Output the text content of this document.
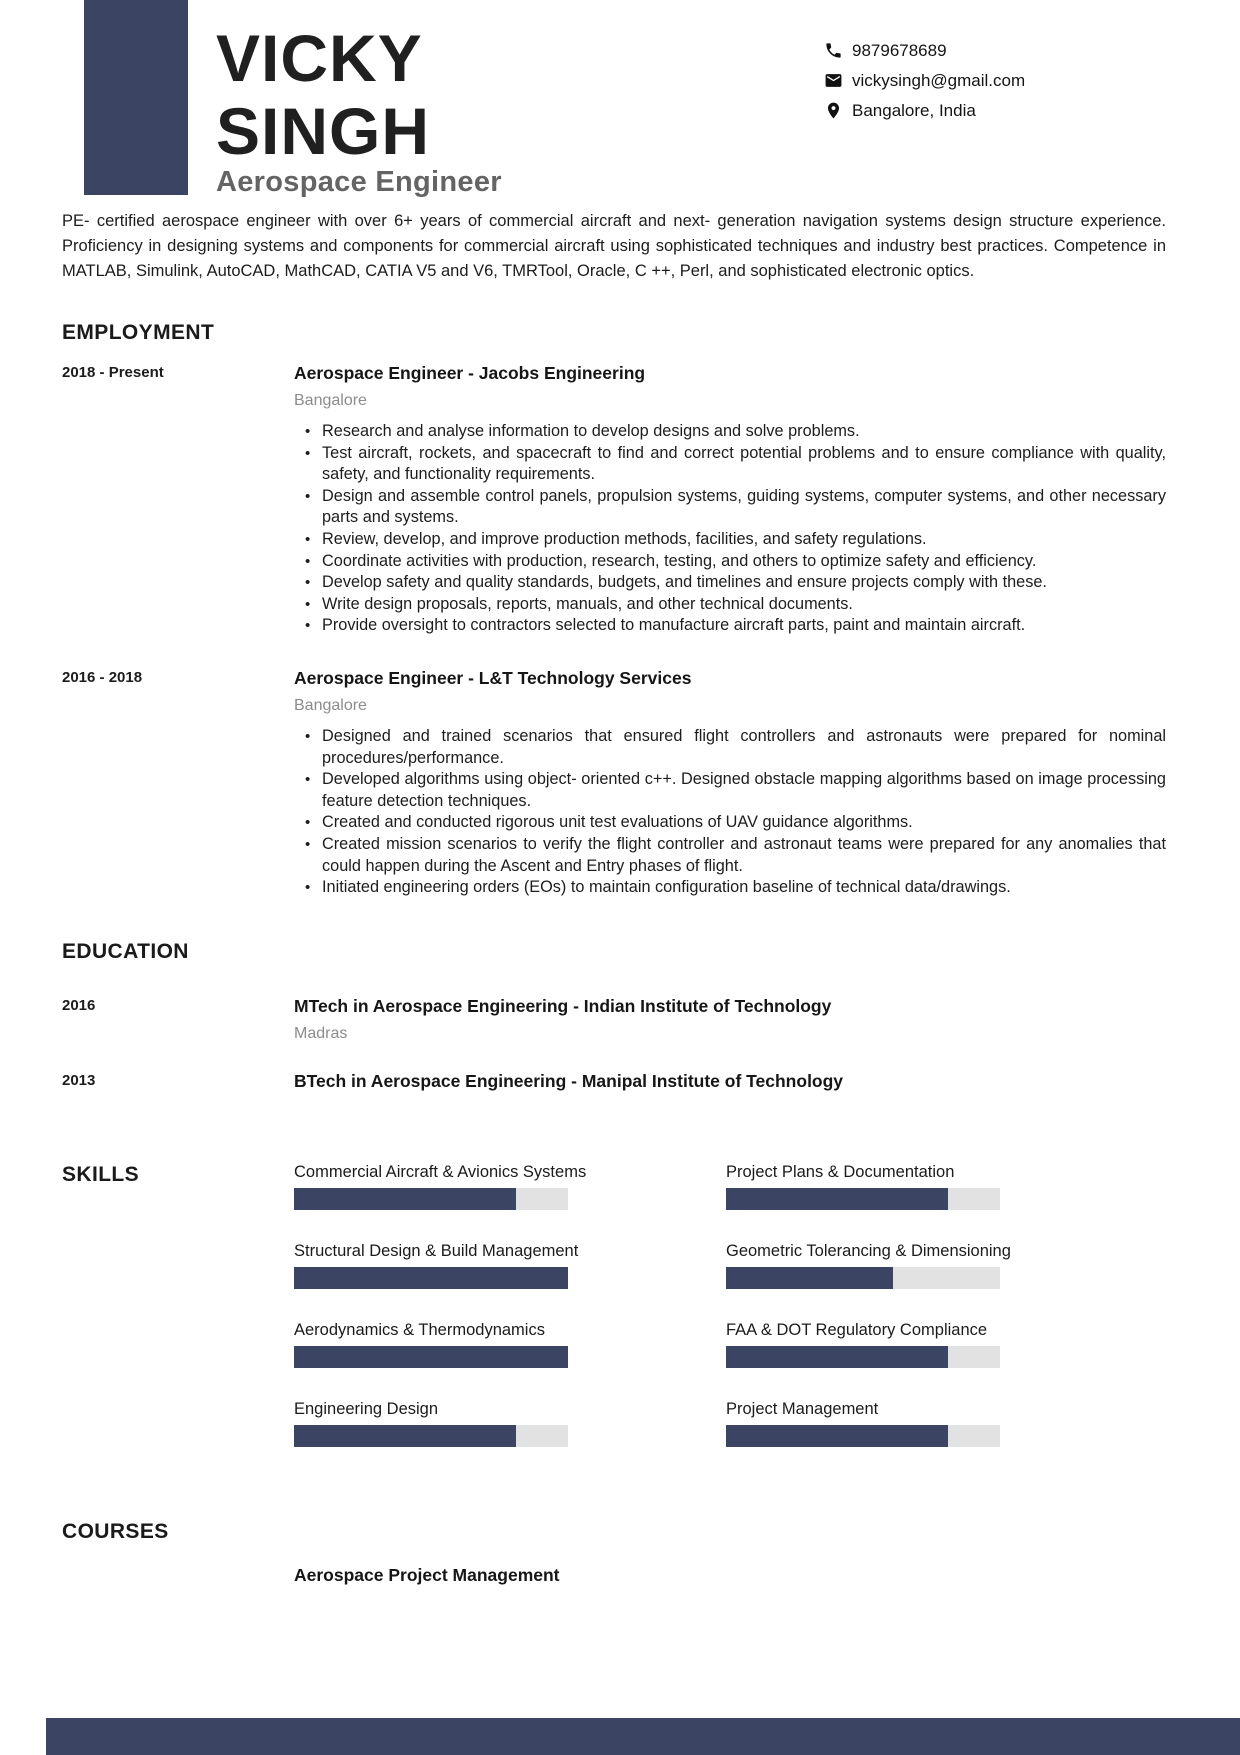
VICKY
SINGH
Aerospace Engineer
9879678689
vickysingh@gmail.com
Bangalore, India

PE- certified aerospace engineer with over 6+ years of commercial aircraft and next- generation navigation systems design structure experience. Proficiency in designing systems and components for commercial aircraft using sophisticated techniques and industry best practices. Competence in MATLAB, Simulink, AutoCAD, MathCAD, CATIA V5 and V6, TMRTool, Oracle, C ++, Perl, and sophisticated electronic optics.

EMPLOYMENT
2018 - Present	Aerospace Engineer - Jacobs Engineering
Bangalore
• Research and analyse information to develop designs and solve problems.
• Test aircraft, rockets, and spacecraft to find and correct potential problems and to ensure compliance with quality, safety, and functionality requirements.
• Design and assemble control panels, propulsion systems, guiding systems, computer systems, and other necessary parts and systems.
• Review, develop, and improve production methods, facilities, and safety regulations.
• Coordinate activities with production, research, testing, and others to optimize safety and efficiency.
• Develop safety and quality standards, budgets, and timelines and ensure projects comply with these.
• Write design proposals, reports, manuals, and other technical documents.
• Provide oversight to contractors selected to manufacture aircraft parts, paint and maintain aircraft.
2016 - 2018	Aerospace Engineer - L&T Technology Services
Bangalore
• Designed and trained scenarios that ensured flight controllers and astronauts were prepared for nominal procedures/performance.
• Developed algorithms using object- oriented c++. Designed obstacle mapping algorithms based on image processing feature detection techniques.
• Created and conducted rigorous unit test evaluations of UAV guidance algorithms.
• Created mission scenarios to verify the flight controller and astronaut teams were prepared for any anomalies that could happen during the Ascent and Entry phases of flight.
• Initiated engineering orders (EOs) to maintain configuration baseline of technical data/drawings.
EDUCATION
2016	MTech in Aerospace Engineering - Indian Institute of Technology
Madras
2013	BTech in Aerospace Engineering - Manipal Institute of Technology
SKILLS	Commercial Aircraft & Avionics Systems	Project Plans & Documentation
Structural Design & Build Management	Geometric Tolerancing & Dimensioning
Aerodynamics & Thermodynamics	FAA & DOT Regulatory Compliance
Engineering Design	Project Management
COURSES
Aerospace Project Management
